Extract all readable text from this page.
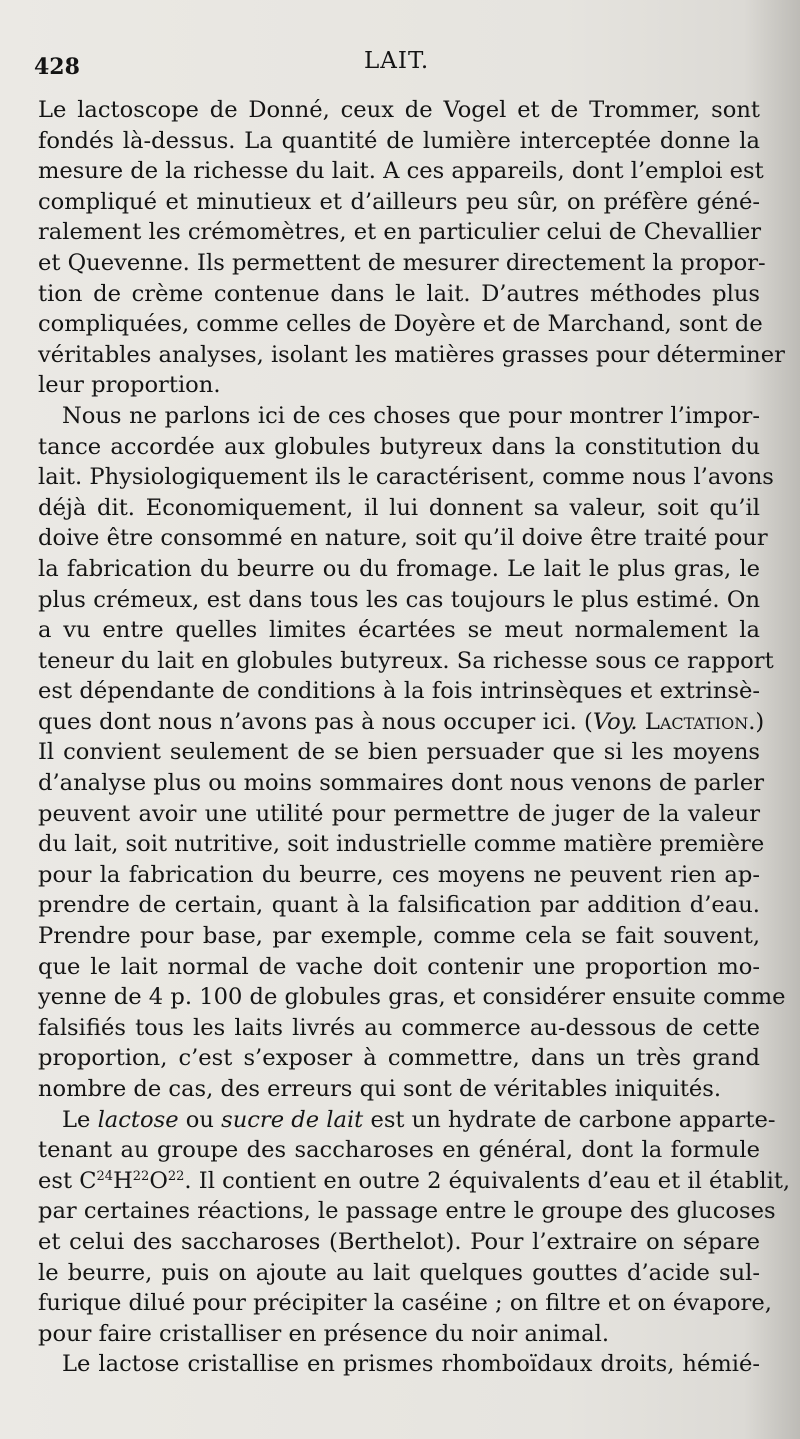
428	LAIT.
Le lactoscope de Donné, ceux de Vogel et de Trommer, sont
fondés là-dessus. La quantité de lumière interceptée donne la
mesure de la richesse du lait. A ces appareils, dont l’emploi est
compliqué et minutieux et d’ailleurs peu sûr, on préfère géné-
ralement les crémomètres, et en particulier celui de Chevallier
et Quevenne. Ils permettent de mesurer directement la propor-
tion de crème contenue dans le lait. D’autres méthodes plus
compliquées, comme celles de Doyère et de Marchand, sont de
véritables analyses, isolant les matières grasses pour déterminer
leur proportion.
Nous ne parlons ici de ces choses que pour montrer l’impor-
tance accordée aux globules butyreux dans la constitution du
lait. Physiologiquement ils le caractérisent, comme nous l’avons
déjà dit. Economiquement, il lui donnent sa valeur, soit qu’il
doive être consommé en nature, soit qu’il doive être traité pour
la fabrication du beurre ou du fromage. Le lait le plus gras, le
plus crémeux, est dans tous les cas toujours le plus estimé. On
a vu entre quelles limites écartées se meut normalement la
teneur du lait en globules butyreux. Sa richesse sous ce rapport
est dépendante de conditions à la fois intrinsèques et extrinsè-
ques dont nous n’avons pas à nous occuper ici. (Voy. Lactation.)
Il convient seulement de se bien persuader que si les moyens
d’analyse plus ou moins sommaires dont nous venons de parler
peuvent avoir une utilité pour permettre de juger de la valeur
du lait, soit nutritive, soit industrielle comme matière première
pour la fabrication du beurre, ces moyens ne peuvent rien ap-
prendre de certain, quant à la falsification par addition d’eau.
Prendre pour base, par exemple, comme cela se fait souvent,
que le lait normal de vache doit contenir une proportion mo-
yenne de 4 p. 100 de globules gras, et considérer ensuite comme
falsifiés tous les laits livrés au commerce au-dessous de cette
proportion, c’est s’exposer à commettre, dans un très grand
nombre de cas, des erreurs qui sont de véritables iniquités.
Le lactose ou sucre de lait est un hydrate de carbone apparte-
tenant au groupe des saccharoses en général, dont la formule
est $C^{24}H^{22}O^{22}$. Il contient en outre 2 équivalents d’eau et il établit,
par certaines réactions, le passage entre le groupe des glucoses
et celui des saccharoses (Berthelot). Pour l’extraire on sépare
le beurre, puis on ajoute au lait quelques gouttes d’acide sul-
furique dilué pour précipiter la caséine ; on filtre et on évapore,
pour faire cristalliser en présence du noir animal.
Le lactose cristallise en prismes rhomboïdaux droits, hémié-
